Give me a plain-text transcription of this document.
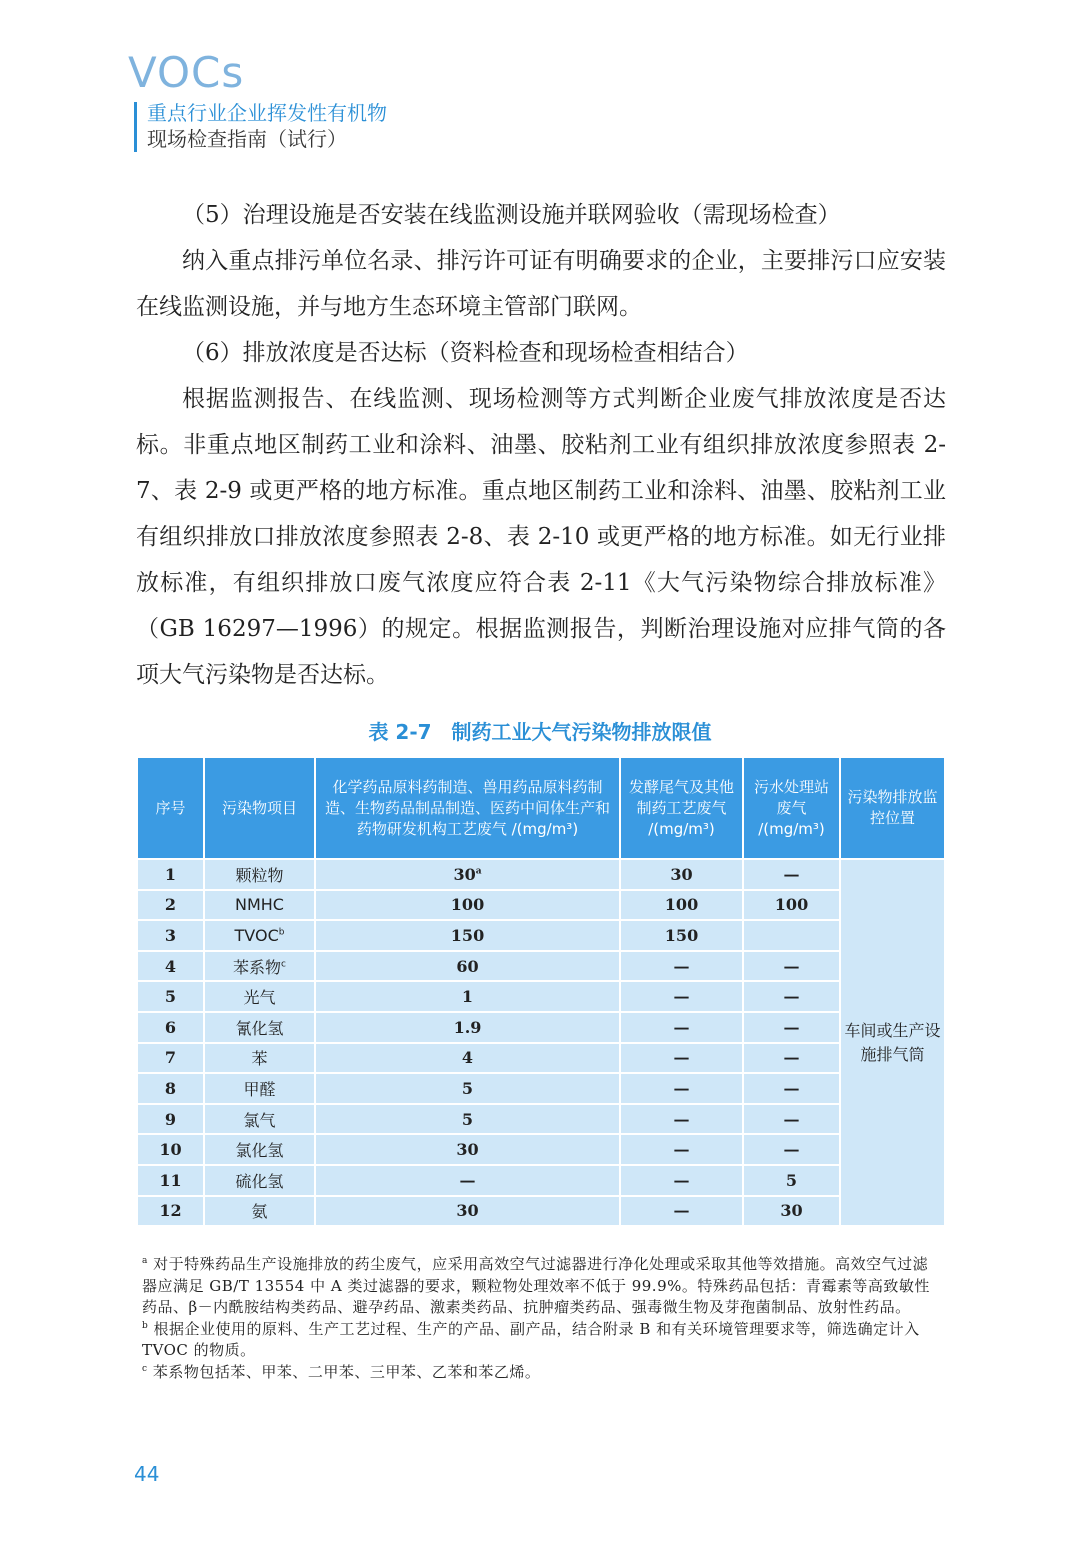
VOCs
重点行业企业挥发性有机物
现场检查指南（试行）

（5）治理设施是否安装在线监测设施并联网验收（需现场检查）

纳入重点排污单位名录、排污许可证有明确要求的企业，主要排污口应安装在线监测设施，并与地方生态环境主管部门联网。

（6）排放浓度是否达标（资料检查和现场检查相结合）

根据监测报告、在线监测、现场检测等方式判断企业废气排放浓度是否达标。非重点地区制药工业和涂料、油墨、胶粘剂工业有组织排放浓度参照表 2-7、表 2-9 或更严格的地方标准。重点地区制药工业和涂料、油墨、胶粘剂工业有组织排放口排放浓度参照表 2-8、表 2-10 或更严格的地方标准。如无行业排放标准，有组织排放口废气浓度应符合表 2-11《大气污染物综合排放标准》（GB 16297—1996）的规定。根据监测报告，判断治理设施对应排气筒的各项大气污染物是否达标。

表 2-7　制药工业大气污染物排放限值
序号	污染物项目	化学药品原料药制造、兽用药品原料药制造、生物药品制品制造、医药中间体生产和药物研发机构工艺废气 /(mg/m³)	发酵尾气及其他制药工艺废气 /(mg/m³)	污水处理站废气 /(mg/m³)	污染物排放监控位置
1	颗粒物	30$^a$	30	—	车间或生产设施排气筒
2	NMHC	100	100	100	
3	TVOC$^b$	150	150		
4	苯系物$^c$	60	—	—	
5	光气	1	—	—	
6	氰化氢	1.9	—	—	
7	苯	4	—	—	
8	甲醛	5	—	—	
9	氯气	5	—	—	
10	氯化氢	30	—	—	
11	硫化氢	—	—	5	
12	氨	30	—	30	

$^a$ 对于特殊药品生产设施排放的药尘废气，应采用高效空气过滤器进行净化处理或采取其他等效措施。高效空气过滤器应满足 GB/T 13554 中 A 类过滤器的要求，颗粒物处理效率不低于 99.9%。特殊药品包括：青霉素等高致敏性药品、β－内酰胺结构类药品、避孕药品、激素类药品、抗肿瘤类药品、强毒微生物及芽孢菌制品、放射性药品。

$^b$ 根据企业使用的原料、生产工艺过程、生产的产品、副产品，结合附录 B 和有关环境管理要求等，筛选确定计入 TVOC 的物质。

$^c$ 苯系物包括苯、甲苯、二甲苯、三甲苯、乙苯和苯乙烯。

44
